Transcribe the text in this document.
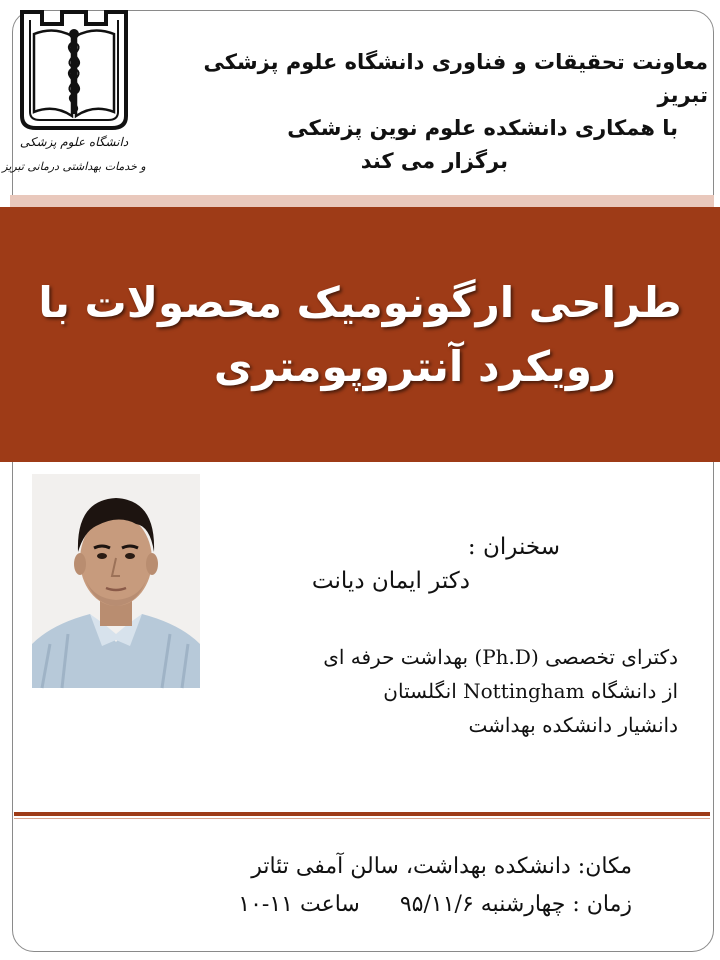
دانشگاه علوم پزشکی
و خدمات بهداشتی درمانی تبریز
معاونت تحقیقات و فناوری دانشگاه علوم پزشکی تبریز
با همکاری دانشکده علوم نوین پزشکی
برگزار می کند
طراحی ارگونومیک محصولات با
رویکرد آنتروپومتری
سخنران :
دکتر ایمان دیانت
دکترای تخصصی (Ph.D) بهداشت حرفه ای
از دانشگاه Nottingham انگلستان
دانشیار دانشکده بهداشت
مکان: دانشکده بهداشت، سالن آمفی تئاتر
زمان : چهارشنبه ۹۵/۱۱/۶ساعت ۱۱-۱۰
